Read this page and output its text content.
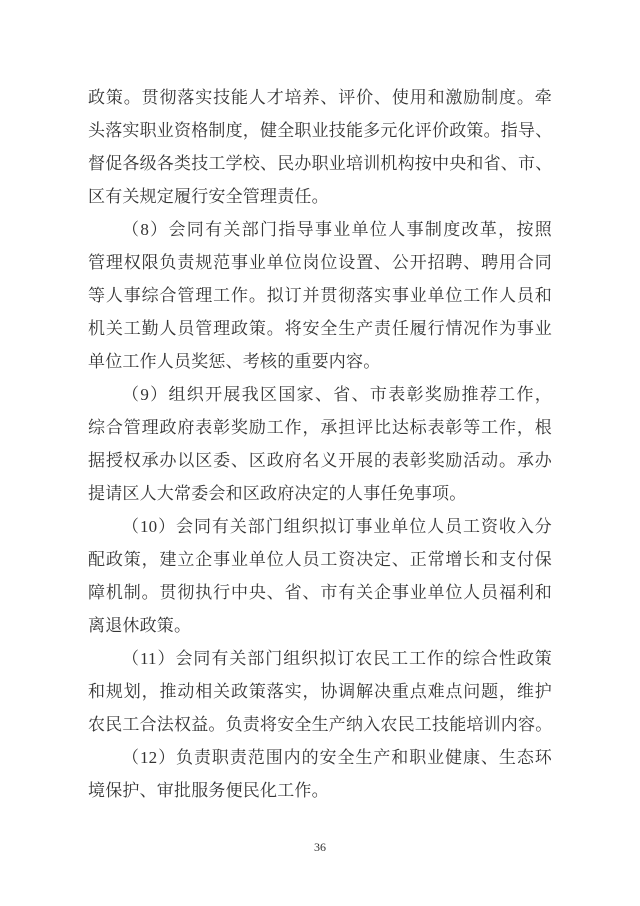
政策。贯彻落实技能人才培养、评价、使用和激励制度。牵
头落实职业资格制度，健全职业技能多元化评价政策。指导、
督促各级各类技工学校、民办职业培训机构按中央和省、市、
区有关规定履行安全管理责任。
（8）会同有关部门指导事业单位人事制度改革，按照
管理权限负责规范事业单位岗位设置、公开招聘、聘用合同
等人事综合管理工作。拟订并贯彻落实事业单位工作人员和
机关工勤人员管理政策。将安全生产责任履行情况作为事业
单位工作人员奖惩、考核的重要内容。
（9）组织开展我区国家、省、市表彰奖励推荐工作，
综合管理政府表彰奖励工作，承担评比达标表彰等工作，根
据授权承办以区委、区政府名义开展的表彰奖励活动。承办
提请区人大常委会和区政府决定的人事任免事项。
（10）会同有关部门组织拟订事业单位人员工资收入分
配政策，建立企事业单位人员工资决定、正常增长和支付保
障机制。贯彻执行中央、省、市有关企事业单位人员福利和
离退休政策。
（11）会同有关部门组织拟订农民工工作的综合性政策
和规划，推动相关政策落实，协调解决重点难点问题，维护
农民工合法权益。负责将安全生产纳入农民工技能培训内容。
（12）负责职责范围内的安全生产和职业健康、生态环
境保护、审批服务便民化工作。
36
